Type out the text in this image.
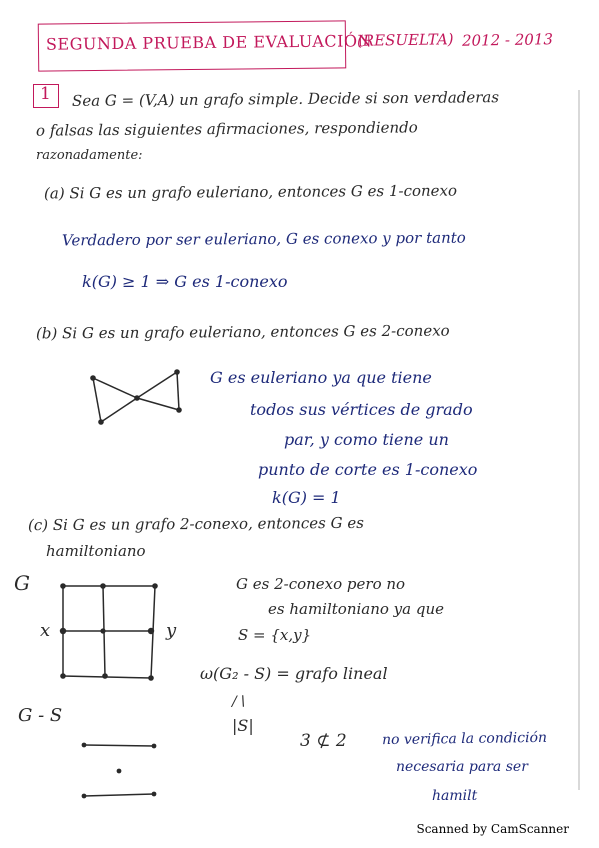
SEGUNDA PRUEBA DE EVALUACIÓN
(RESUELTA) 2012 - 2013
1 Sea G = (V,A) un grafo simple. Decide si son verdaderas
o falsas las siguientes afirmaciones, respondiendo
razonadamente:
(a) Si G es un grafo euleriano, entonces G es 1-conexo
Verdadero por ser euleriano, G es conexo y por tanto
k(G) ≥ 1 ⇒ G es 1-conexo
(b) Si G es un grafo euleriano, entonces G es 2-conexo
G es euleriano ya que tiene
todos sus vértices de grado
par, y como tiene un
punto de corte es 1-conexo
k(G) = 1
(c) Si G es un grafo 2-conexo, entonces G es
hamiltoniano
G
x	y
G es 2-conexo pero no
es hamiltoniano ya que
S = {x,y}
ω(G₂ - S) = grafo lineal
/∖
|S|
3 ⊄ 2	no verifica la condición
necesaria para ser
hamilt
G - S
Scanned by CamScanner
